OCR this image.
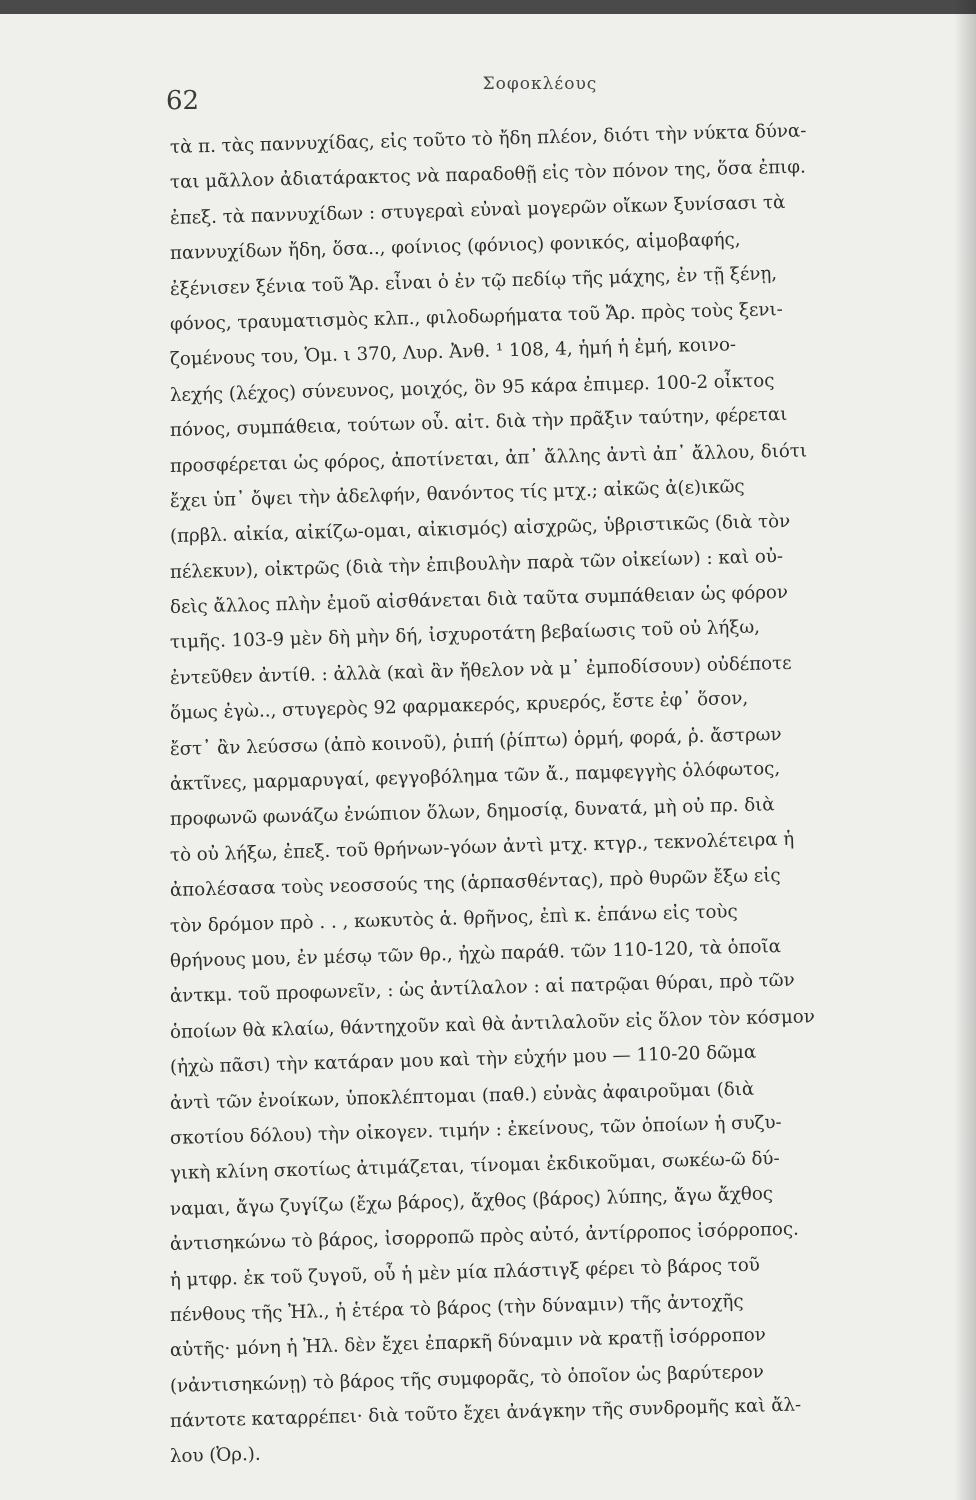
62
Σοφοκλέους
τὰ π. τὰς παννυχίδας, εἰς τοῦτο τὸ ἤδη πλέον, διότι τὴν νύκτα δύνα-
ται μᾶλλον ἀδιατάρακτος νὰ παραδοθῇ εἰς τὸν πόνον της, ὅσα ἐπιφ.
ἐπεξ. τὰ παννυχίδων : στυγεραὶ εὐναὶ μογερῶν οἴκων ξυνίσασι τὰ
παννυχίδων ἤδη, ὅσα.., φοίνιος (φόνιος) φονικός, αἱμοβαφής,
ἐξένισεν ξένια τοῦ Ἄρ. εἶναι ὁ ἐν τῷ πεδίῳ τῆς μάχης, ἐν τῇ ξένῃ,
φόνος, τραυματισμὸς κλπ., φιλοδωρήματα τοῦ Ἄρ. πρὸς τοὺς ξενι-
ζομένους του, Ὁμ. ι 370, Λυρ. Ἀνθ. ¹ 108, 4, ἡμή ἡ ἐμή, κοινο-
λεχής (λέχος) σύνευνος, μοιχός, ὃν 95 κάρα ἐπιμερ. 100-2 οἶκτος
πόνος, συμπάθεια, τούτων οὗ. αἰτ. διὰ τὴν πρᾶξιν ταύτην, φέρεται
προσφέρεται ὡς φόρος, ἀποτίνεται, ἀπ᾽ ἄλλης ἀντὶ ἀπ᾽ ἄλλου, διότι
ἔχει ὑπ᾽ ὄψει τὴν ἀδελφήν, θανόντος τίς μτχ.; αἰκῶς ἀ(ε)ικῶς
(πρβλ. αἰκία, αἰκίζω-ομαι, αἰκισμός) αἰσχρῶς, ὑβριστικῶς (διὰ τὸν
πέλεκυν), οἰκτρῶς (διὰ τὴν ἐπιβουλὴν παρὰ τῶν οἰκείων) : καὶ οὐ-
δεὶς ἄλλος πλὴν ἐμοῦ αἰσθάνεται διὰ ταῦτα συμπάθειαν ὡς φόρον
τιμῆς. 103-9 μὲν δὴ μὴν δή, ἰσχυροτάτη βεβαίωσις τοῦ οὐ λήξω,
ἐντεῦθεν ἀντίθ. : ἀλλὰ (καὶ ἂν ἤθελον νὰ μ᾽ ἐμποδίσουν) οὐδέποτε
ὅμως ἐγὼ.., στυγερὸς 92 φαρμακερός, κρυερός, ἔστε ἐφ᾽ ὅσον,
ἔστ᾽ ἂν λεύσσω (ἀπὸ κοινοῦ), ῥιπή (ῥίπτω) ὁρμή, φορά, ῥ. ἄστρων
ἀκτῖνες, μαρμαρυγαί, φεγγοβόλημα τῶν ἄ., παμφεγγὴς ὁλόφωτος,
προφωνῶ φωνάζω ἐνώπιον ὅλων, δημοσίᾳ, δυνατά, μὴ οὐ πρ. διὰ
τὸ οὐ λήξω, ἐπεξ. τοῦ θρήνων-γόων ἀντὶ μτχ. κτγρ., τεκνολέτειρα ἡ
ἀπολέσασα τοὺς νεοσσούς της (ἁρπασθέντας), πρὸ θυρῶν ἔξω εἰς
τὸν δρόμον πρὸ . . , κωκυτὸς ἁ. θρῆνος, ἐπὶ κ. ἐπάνω εἰς τοὺς
θρήνους μου, ἐν μέσῳ τῶν θρ., ἠχὼ παράθ. τῶν 110-120, τὰ ὁποῖα
ἀντκμ. τοῦ προφωνεῖν, : ὡς ἀντίλαλον : αἱ πατρῷαι θύραι, πρὸ τῶν
ὁποίων θὰ κλαίω, θάντηχοῦν καὶ θὰ ἀντιλαλοῦν εἰς ὅλον τὸν κόσμον
(ἠχὼ πᾶσι) τὴν κατάραν μου καὶ τὴν εὐχήν μου — 110-20 δῶμα
ἀντὶ τῶν ἐνοίκων, ὑποκλέπτομαι (παθ.) εὐνὰς ἀφαιροῦμαι (διὰ
σκοτίου δόλου) τὴν οἰκογεν. τιμήν : ἐκείνους, τῶν ὁποίων ἡ συζυ-
γικὴ κλίνη σκοτίως ἀτιμάζεται, τίνομαι ἐκδικοῦμαι, σωκέω-ῶ δύ-
ναμαι, ἄγω ζυγίζω (ἔχω βάρος), ἄχθος (βάρος) λύπης, ἄγω ἄχθος
ἀντισηκώνω τὸ βάρος, ἰσορροπῶ πρὸς αὐτό, ἀντίρροπος ἰσόρροπος.
ἡ μτφρ. ἐκ τοῦ ζυγοῦ, οὗ ἡ μὲν μία πλάστιγξ φέρει τὸ βάρος τοῦ
πένθους τῆς Ἠλ., ἡ ἑτέρα τὸ βάρος (τὴν δύναμιν) τῆς ἀντοχῆς
αὐτῆς· μόνη ἡ Ἠλ. δὲν ἔχει ἐπαρκῆ δύναμιν νὰ κρατῇ ἰσόρροπον
(νἀντισηκώνῃ) τὸ βάρος τῆς συμφορᾶς, τὸ ὁποῖον ὡς βαρύτερον
πάντοτε καταρρέπει· διὰ τοῦτο ἔχει ἀνάγκην τῆς συνδρομῆς καὶ ἄλ-
λου (Ὀρ.).
